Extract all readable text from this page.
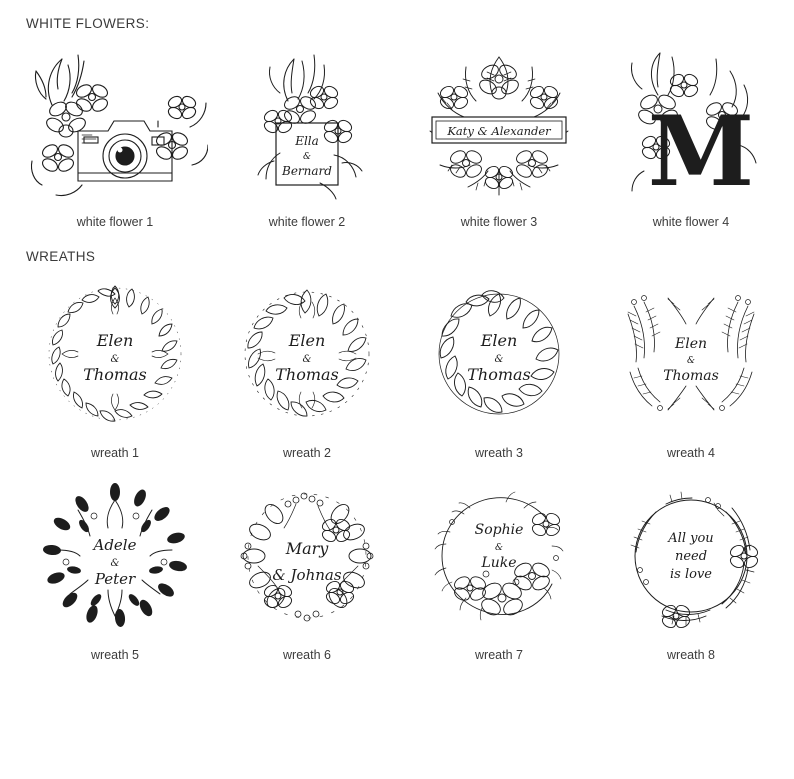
WHITE FLOWERS:
white flower 1
Ella
&
Bernard
white flower 2
Katy & Alexander
white flower 3
M
white flower 4
WREATHS
Elen
&
Thomas
wreath 1
Elen
&
Thomas
wreath 2
Elen
&
Thomas
wreath 3
Elen
&
Thomas
wreath 4
Adele
&
Peter
wreath 5
Mary
& Johnas
wreath 6
Sophie
&
Luke
wreath 7
All you
need
is love
wreath 8
